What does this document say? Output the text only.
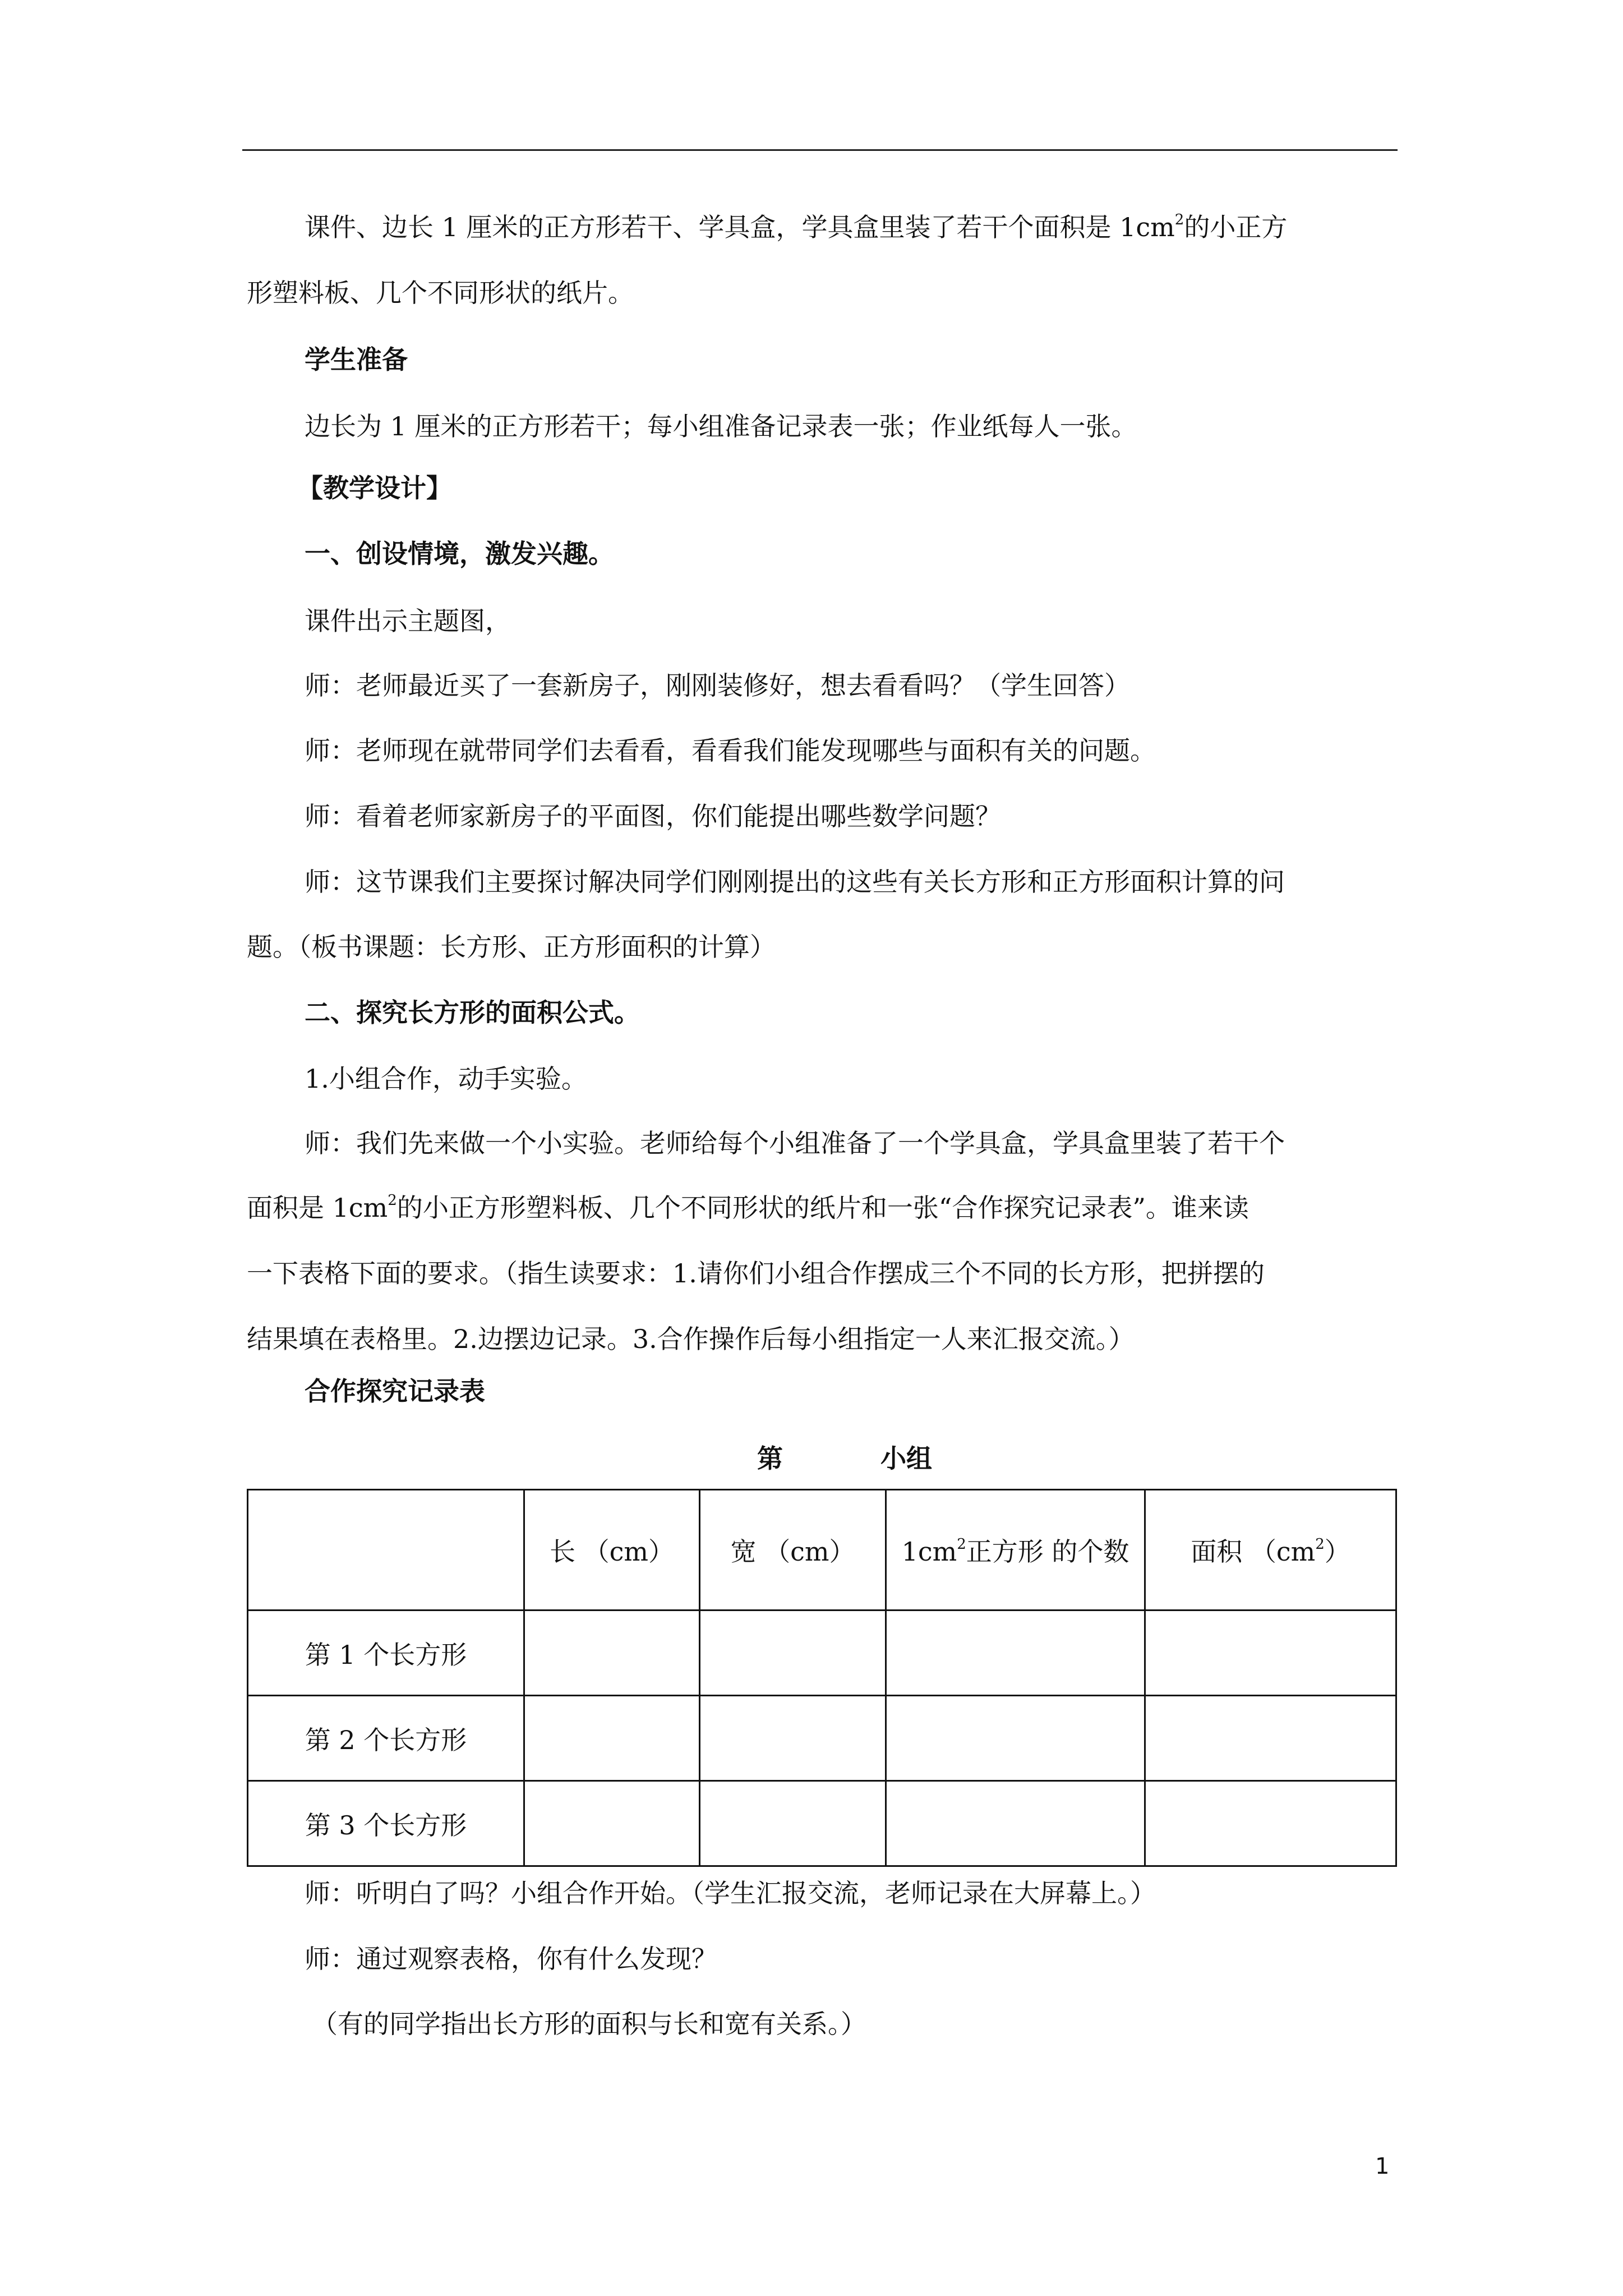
课件、边长 1 厘米的正方形若干、学具盒，学具盒里装了若干个面积是 $1cm^2$的小正方

形塑料板、几个不同形状的纸片。

学生准备

边长为 1 厘米的正方形若干；每小组准备记录表一张；作业纸每人一张。

【教学设计】

一、创设情境，激发兴趣。

课件出示主题图，

师：老师最近买了一套新房子，刚刚装修好，想去看看吗？（学生回答）

师：老师现在就带同学们去看看，看看我们能发现哪些与面积有关的问题。

师：看着老师家新房子的平面图，你们能提出哪些数学问题？

师：这节课我们主要探讨解决同学们刚刚提出的这些有关长方形和正方形面积计算的问

题。（板书课题：长方形、正方形面积的计算）

二、探究长方形的面积公式。

1.小组合作，动手实验。

师：我们先来做一个小实验。老师给每个小组准备了一个学具盒，学具盒里装了若干个

面积是 $1cm^2$的小正方形塑料板、几个不同形状的纸片和一张“合作探究记录表”。谁来读

一下表格下面的要求。（指生读要求：1.请你们小组合作摆成三个不同的长方形，把拼摆的

结果填在表格里。2.边摆边记录。3.合作操作后每小组指定一人来汇报交流。）

合作探究记录表

第	小组

	长 （cm）	宽 （cm）	$1cm^2$正方形 的个数	面积 $(cm^2)$
第 1 个长方形				
第 2 个长方形				
第 3 个长方形				

师：听明白了吗？小组合作开始。（学生汇报交流，老师记录在大屏幕上。）

师：通过观察表格，你有什么发现？

（有的同学指出长方形的面积与长和宽有关系。）

1
